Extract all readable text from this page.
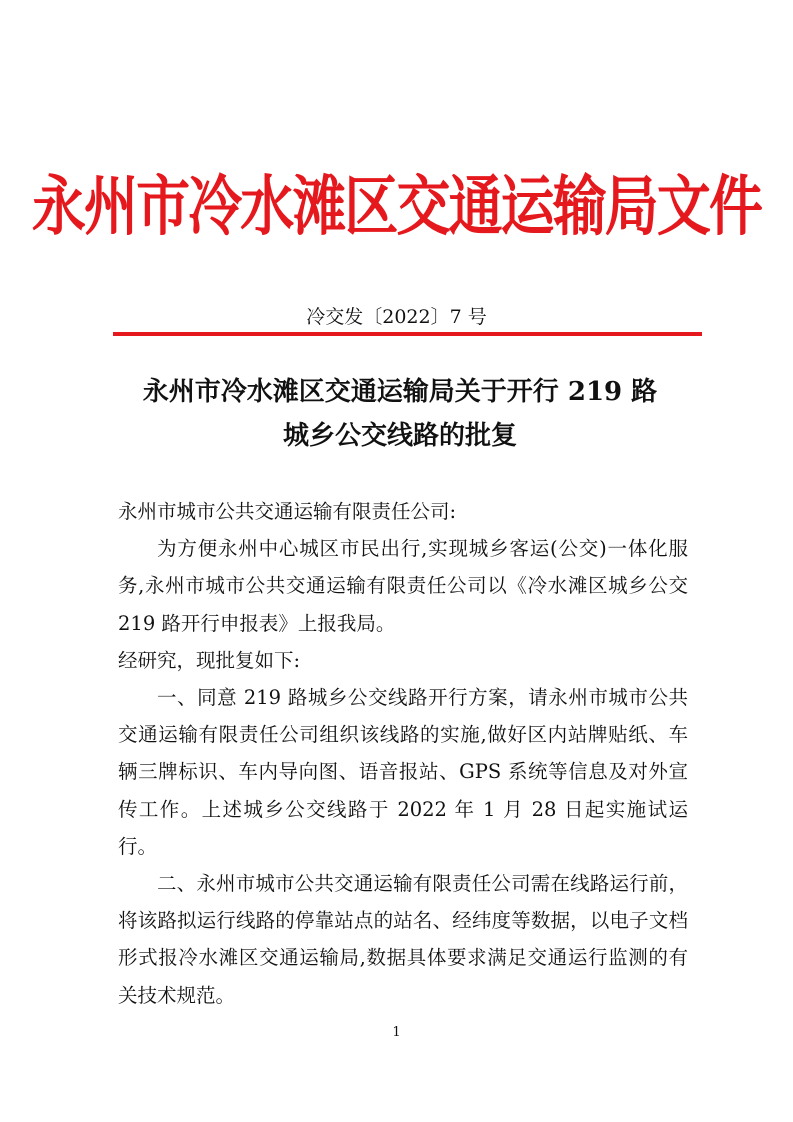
永州市冷水滩区交通运输局文件
冷交发〔2022〕7 号
永州市冷水滩区交通运输局关于开行 219 路
城乡公交线路的批复

永州市城市公共交通运输有限责任公司:

为方便永州中心城区市民出行,实现城乡客运(公交)一体化服务,永州市城市公共交通运输有限责任公司以《冷水滩区城乡公交 219 路开行申报表》上报我局。

经研究，现批复如下:

一、同意 219 路城乡公交线路开行方案，请永州市城市公共交通运输有限责任公司组织该线路的实施,做好区内站牌贴纸、车辆三牌标识、车内导向图、语音报站、GPS 系统等信息及对外宣传工作。上述城乡公交线路于 2022 年 1 月 28 日起实施试运行。

二、永州市城市公共交通运输有限责任公司需在线路运行前，将该路拟运行线路的停靠站点的站名、经纬度等数据，以电子文档形式报冷水滩区交通运输局,数据具体要求满足交通运行监测的有关技术规范。

1
